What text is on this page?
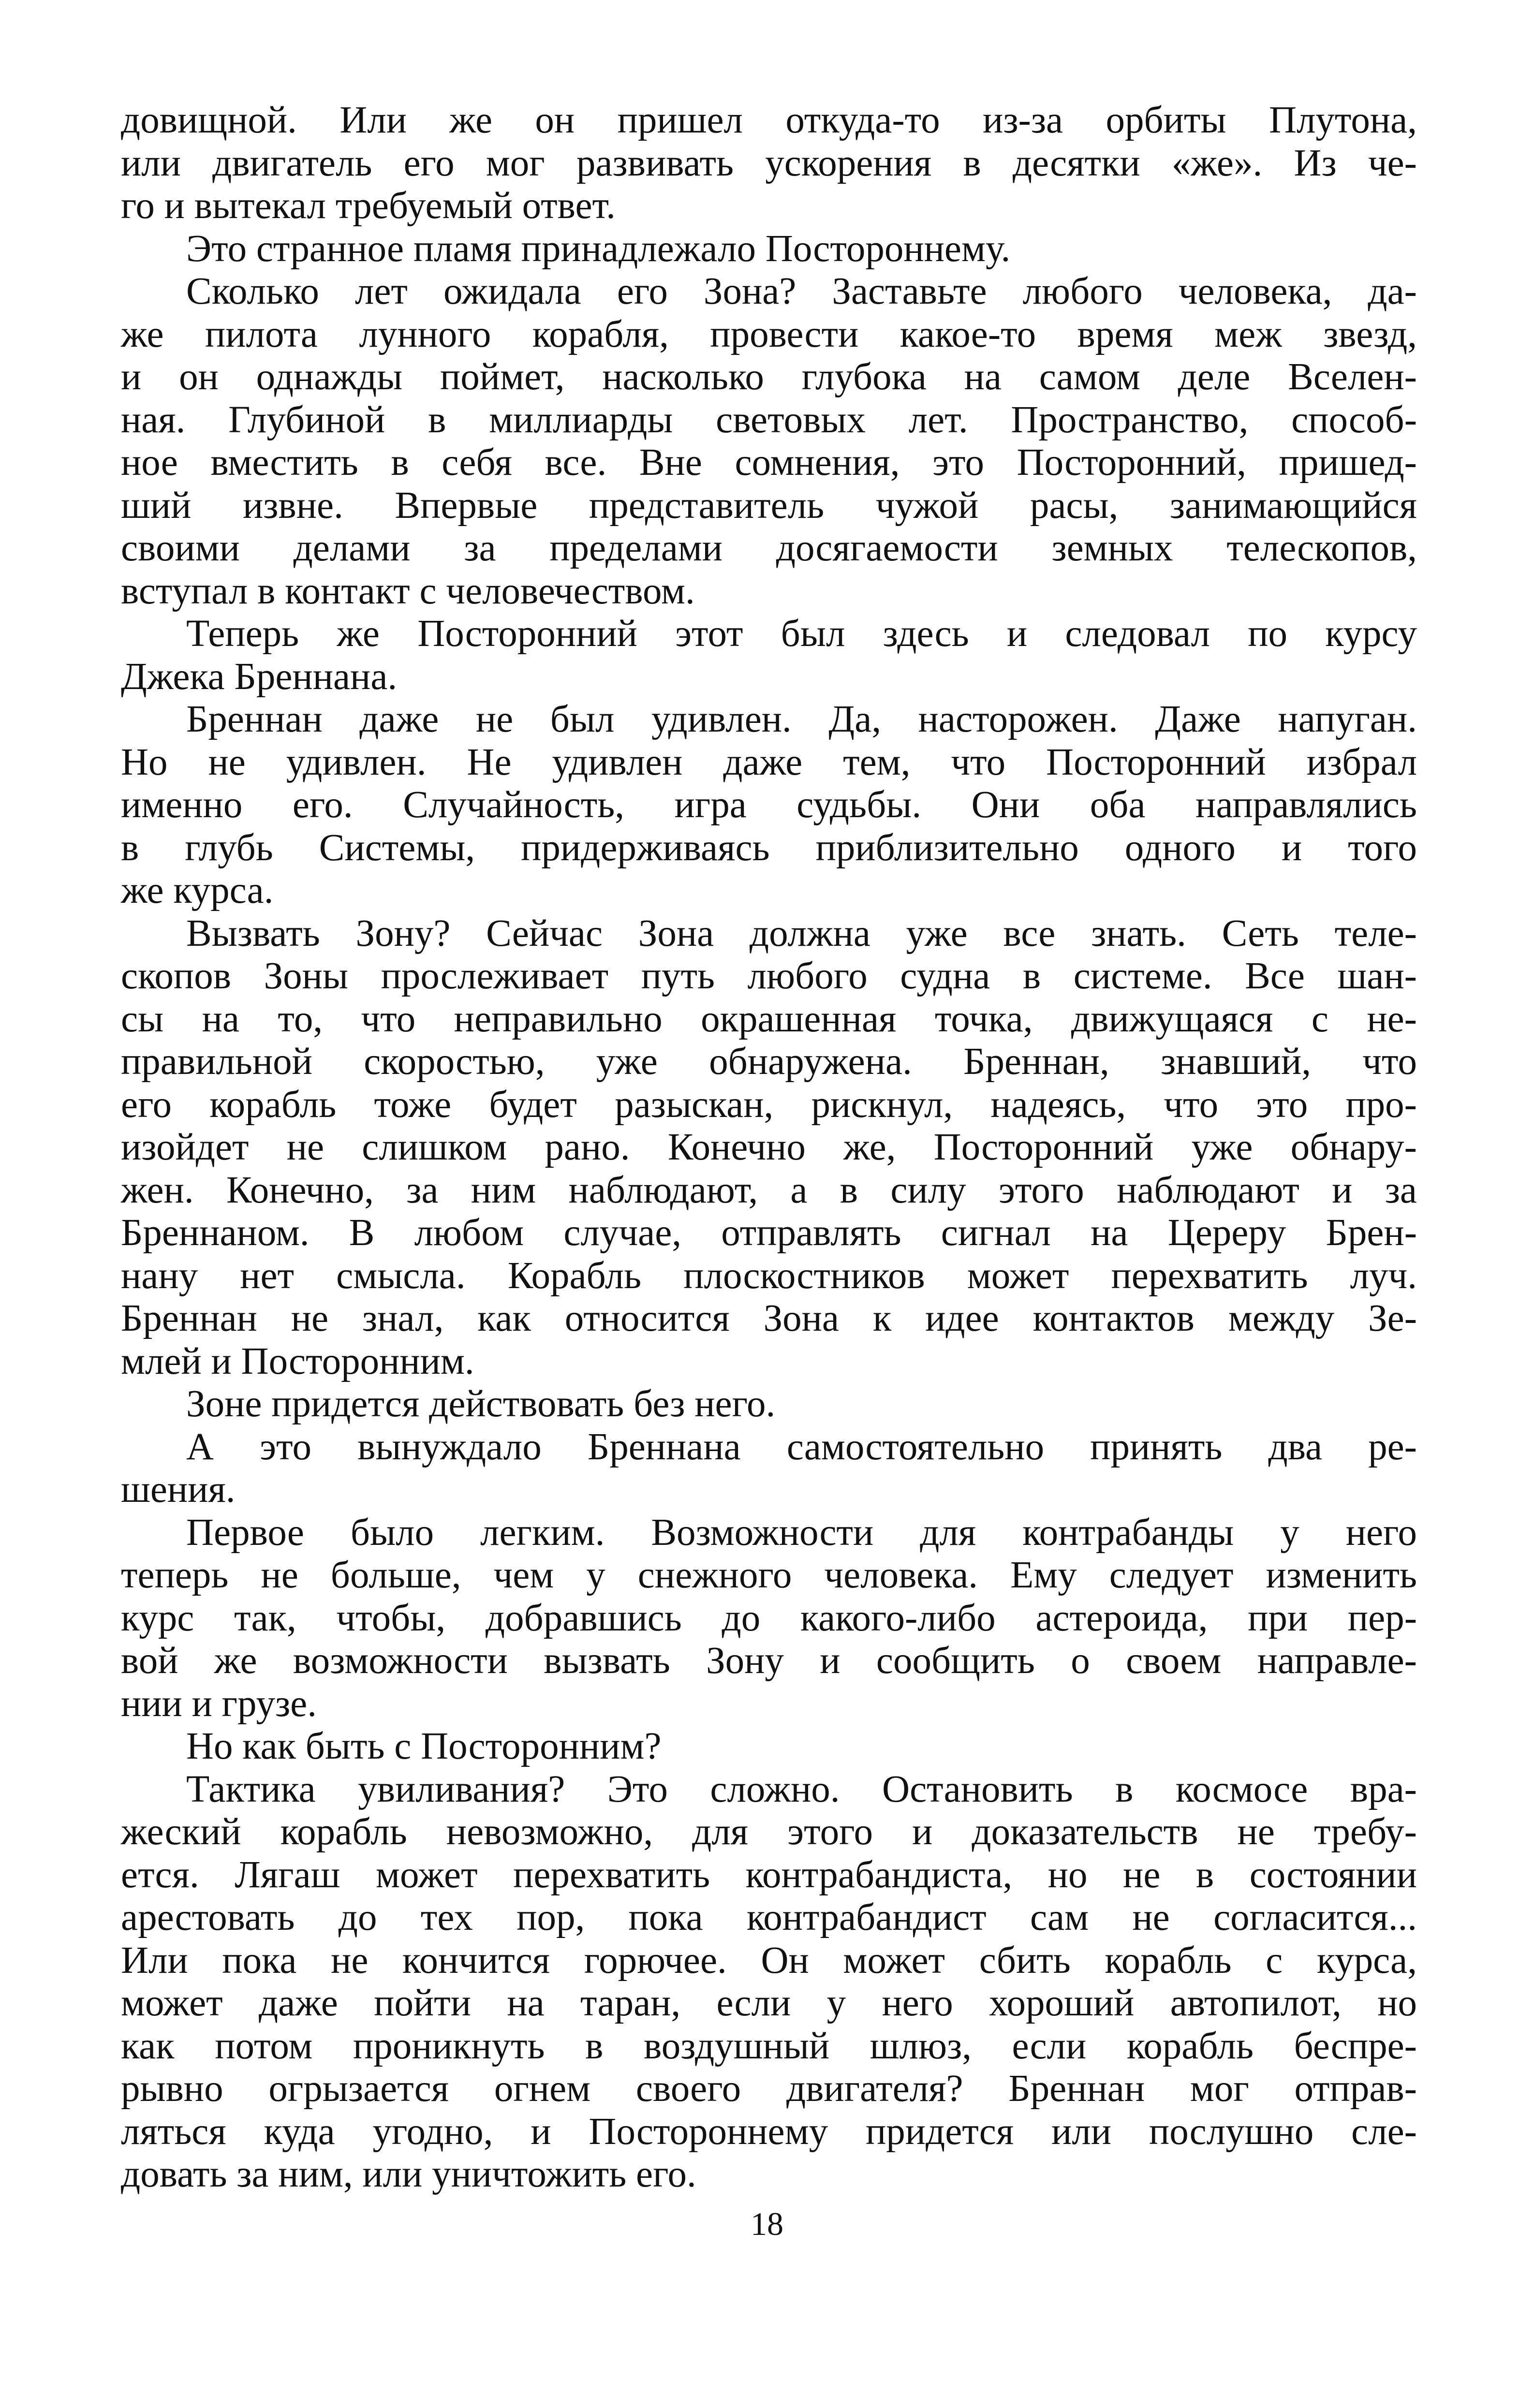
довищной. Или же он пришел откуда-то из-за орбиты Плутона,
или двигатель его мог развивать ускорения в десятки «же». Из че-
го и вытекал требуемый ответ.
Это странное пламя принадлежало Постороннему.
Сколько лет ожидала его Зона? Заставьте любого человека, да-
же пилота лунного корабля, провести какое-то время меж звезд,
и он однажды поймет, насколько глубока на самом деле Вселен-
ная. Глубиной в миллиарды световых лет. Пространство, способ-
ное вместить в себя все. Вне сомнения, это Посторонний, пришед-
ший извне. Впервые представитель чужой расы, занимающийся
своими делами за пределами досягаемости земных телескопов,
вступал в контакт с человечеством.
Теперь же Посторонний этот был здесь и следовал по курсу
Джека Бреннана.
Бреннан даже не был удивлен. Да, насторожен. Даже напуган.
Но не удивлен. Не удивлен даже тем, что Посторонний избрал
именно его. Случайность, игра судьбы. Они оба направлялись
в глубь Системы, придерживаясь приблизительно одного и того
же курса.
Вызвать Зону? Сейчас Зона должна уже все знать. Сеть теле-
скопов Зоны прослеживает путь любого судна в системе. Все шан-
сы на то, что неправильно окрашенная точка, движущаяся с не-
правильной скоростью, уже обнаружена. Бреннан, знавший, что
его корабль тоже будет разыскан, рискнул, надеясь, что это про-
изойдет не слишком рано. Конечно же, Посторонний уже обнару-
жен. Конечно, за ним наблюдают, а в силу этого наблюдают и за
Бреннаном. В любом случае, отправлять сигнал на Цереру Брен-
нану нет смысла. Корабль плоскостников может перехватить луч.
Бреннан не знал, как относится Зона к идее контактов между Зе-
млей и Посторонним.
Зоне придется действовать без него.
А это вынуждало Бреннана самостоятельно принять два ре-
шения.
Первое было легким. Возможности для контрабанды у него
теперь не больше, чем у снежного человека. Ему следует изменить
курс так, чтобы, добравшись до какого-либо астероида, при пер-
вой же возможности вызвать Зону и сообщить о своем направле-
нии и грузе.
Но как быть с Посторонним?
Тактика увиливания? Это сложно. Остановить в космосе вра-
жеский корабль невозможно, для этого и доказательств не требу-
ется. Лягаш может перехватить контрабандиста, но не в состоянии
арестовать до тех пор, пока контрабандист сам не согласится...
Или пока не кончится горючее. Он может сбить корабль с курса,
может даже пойти на таран, если у него хороший автопилот, но
как потом проникнуть в воздушный шлюз, если корабль беспре-
рывно огрызается огнем своего двигателя? Бреннан мог отправ-
ляться куда угодно, и Постороннему придется или послушно сле-
довать за ним, или уничтожить его.
18
